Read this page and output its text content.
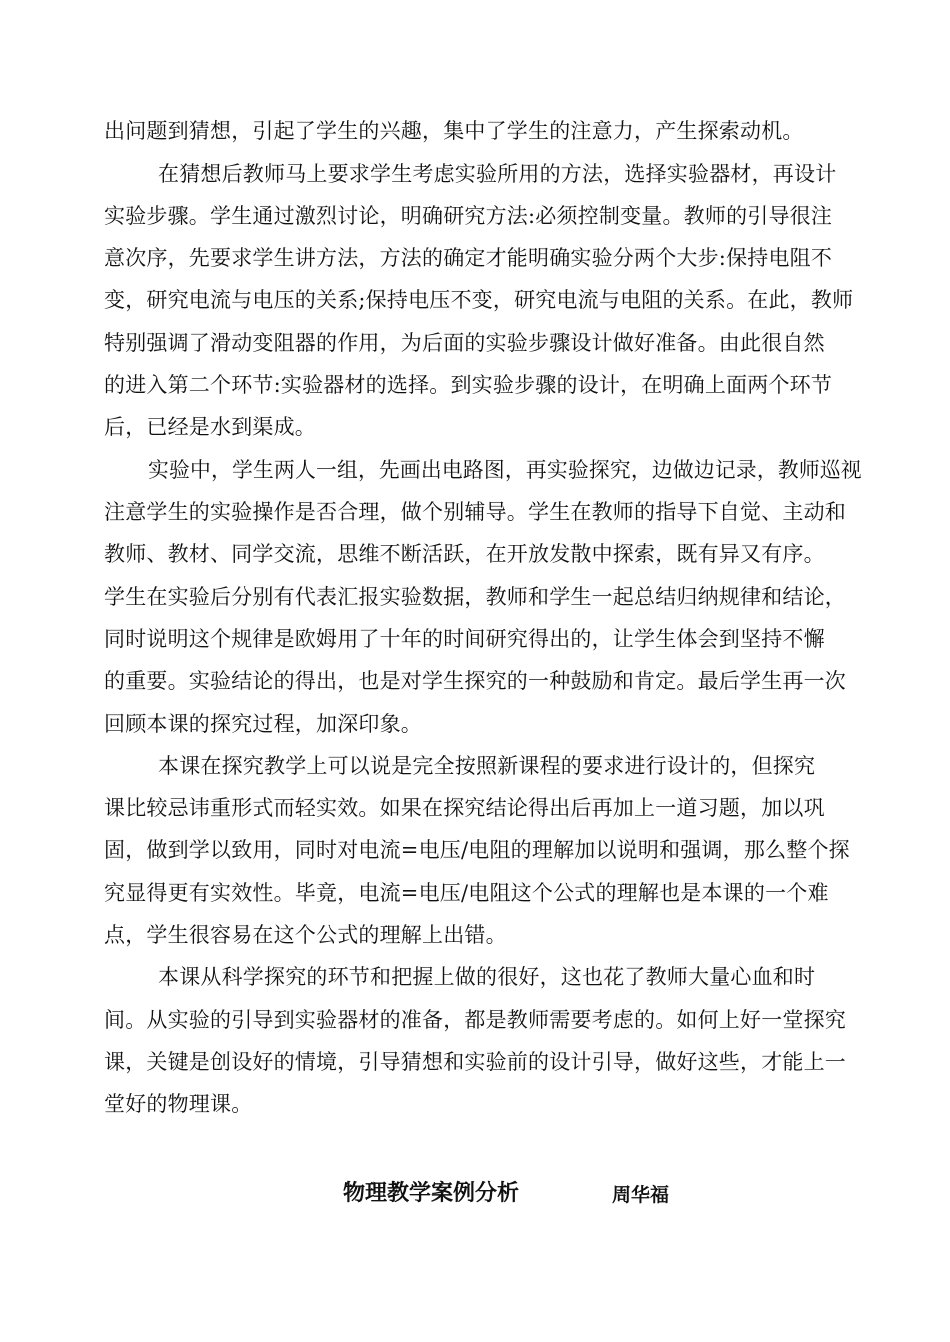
出问题到猜想，引起了学生的兴趣，集中了学生的注意力，产生探索动机。
在猜想后教师马上要求学生考虑实验所用的方法，选择实验器材，再设计
实验步骤。学生通过激烈讨论，明确研究方法:必须控制变量。教师的引导很注
意次序，先要求学生讲方法，方法的确定才能明确实验分两个大步:保持电阻不
变，研究电流与电压的关系;保持电压不变，研究电流与电阻的关系。在此，教师
特别强调了滑动变阻器的作用，为后面的实验步骤设计做好准备。由此很自然
的进入第二个环节:实验器材的选择。到实验步骤的设计，在明确上面两个环节
后，已经是水到渠成。
实验中，学生两人一组，先画出电路图，再实验探究，边做边记录，教师巡视
注意学生的实验操作是否合理，做个别辅导。学生在教师的指导下自觉、主动和
教师、教材、同学交流，思维不断活跃，在开放发散中探索，既有异又有序。
学生在实验后分别有代表汇报实验数据，教师和学生一起总结归纳规律和结论，
同时说明这个规律是欧姆用了十年的时间研究得出的，让学生体会到坚持不懈
的重要。实验结论的得出，也是对学生探究的一种鼓励和肯定。最后学生再一次
回顾本课的探究过程，加深印象。
本课在探究教学上可以说是完全按照新课程的要求进行设计的，但探究
课比较忌讳重形式而轻实效。如果在探究结论得出后再加上一道习题，加以巩
固，做到学以致用，同时对电流=电压/电阻的理解加以说明和强调，那么整个探
究显得更有实效性。毕竟，电流=电压/电阻这个公式的理解也是本课的一个难
点，学生很容易在这个公式的理解上出错。
本课从科学探究的环节和把握上做的很好，这也花了教师大量心血和时
间。从实验的引导到实验器材的准备，都是教师需要考虑的。如何上好一堂探究
课，关键是创设好的情境，引导猜想和实验前的设计引导，做好这些，才能上一
堂好的物理课。
物理教学案例分析	周华福
